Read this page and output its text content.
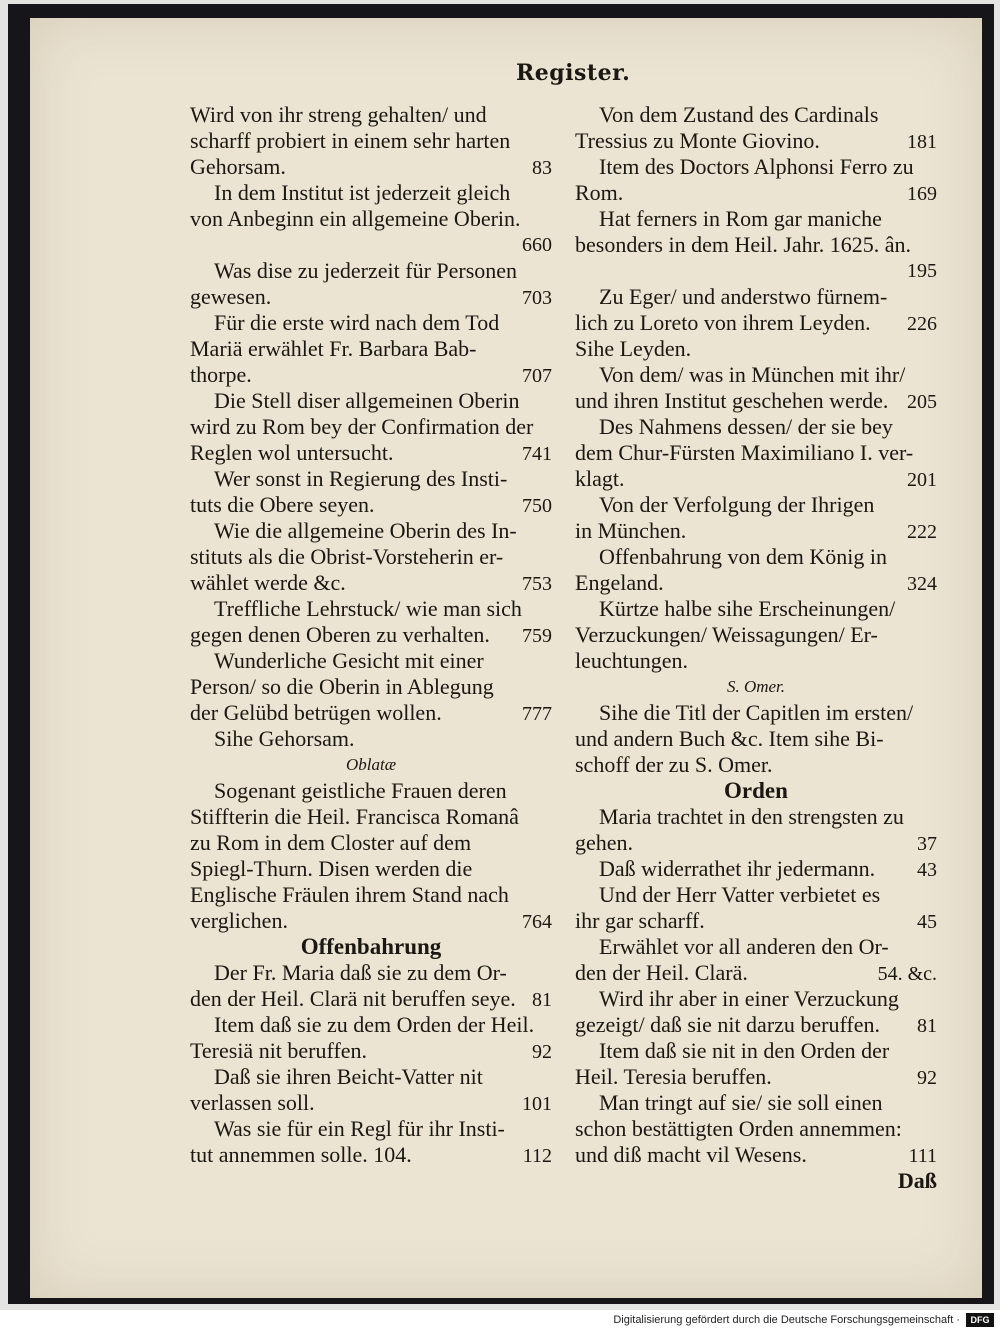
Register.
Wird von ihr streng gehalten/ und
scharff probiert in einem sehr harten
Gehorsam.	83
In dem Institut ist jederzeit gleich
von Anbeginn ein allgemeine Oberin.
660
Was dise zu jederzeit für Personen
gewesen.	703
Für die erste wird nach dem Tod
Mariä erwählet Fr. Barbara Bab-
thorpe.	707
Die Stell diser allgemeinen Oberin
wird zu Rom bey der Confirmation der
Reglen wol untersucht.	741
Wer sonst in Regierung des Insti-
tuts die Obere seyen.	750
Wie die allgemeine Oberin des In-
stituts als die Obrist-Vorsteherin er-
wählet werde &c.	753
Treffliche Lehrstuck/ wie man sich
gegen denen Oberen zu verhalten.	759
Wunderliche Gesicht mit einer
Person/ so die Oberin in Ablegung
der Gelübd betrügen wollen.	777
Sihe Gehorsam.
Oblatæ
Sogenant geistliche Frauen deren
Stiffterin die Heil. Francisca Romanâ
zu Rom in dem Closter auf dem
Spiegl-Thurn. Disen werden die
Englische Fräulen ihrem Stand nach
verglichen.	764
Offenbahrung
Der Fr. Maria daß sie zu dem Or-
den der Heil. Clarä nit beruffen seye. 81
Item daß sie zu dem Orden der Heil.
Teresiä nit beruffen.	92
Daß sie ihren Beicht-Vatter nit
verlassen soll.	101
Was sie für ein Regl für ihr Insti-
tut annemmen solle. 104.	112
Von dem Zustand des Cardinals
Tressius zu Monte Giovino.	181
Item des Doctors Alphonsi Ferro zu
Rom.	169
Hat ferners in Rom gar maniche
besonders in dem Heil. Jahr. 1625. ân.
195
Zu Eger/ und anderstwo fürnem-
lich zu Loreto von ihrem Leyden.	226
Sihe Leyden.
Von dem/ was in München mit ihr/
und ihren Institut geschehen werde. 205
Des Nahmens dessen/ der sie bey
dem Chur-Fürsten Maximiliano I. ver-
klagt.	201
Von der Verfolgung der Ihrigen
in München.	222
Offenbahrung von dem König in
Engeland.	324
Kürtze halbe sihe Erscheinungen/
Verzuckungen/ Weissagungen/ Er-
leuchtungen.
S. Omer.
Sihe die Titl der Capitlen im ersten/
und andern Buch &c. Item sihe Bi-
schoff der zu S. Omer.
Orden
Maria trachtet in den strengsten zu
gehen.	37
Daß widerrathet ihr jedermann.	43
Und der Herr Vatter verbietet es
ihr gar scharff.	45
Erwählet vor all anderen den Or-
den der Heil. Clarä.	54. &c.
Wird ihr aber in einer Verzuckung
gezeigt/ daß sie nit darzu beruffen.	81
Item daß sie nit in den Orden der
Heil. Teresia beruffen.	92
Man tringt auf sie/ sie soll einen
schon bestättigten Orden annemmen:
und diß macht vil Wesens.	111
Daß
Digitalisierung gefördert durch die Deutsche Forschungsgemeinschaft ·	DFG
